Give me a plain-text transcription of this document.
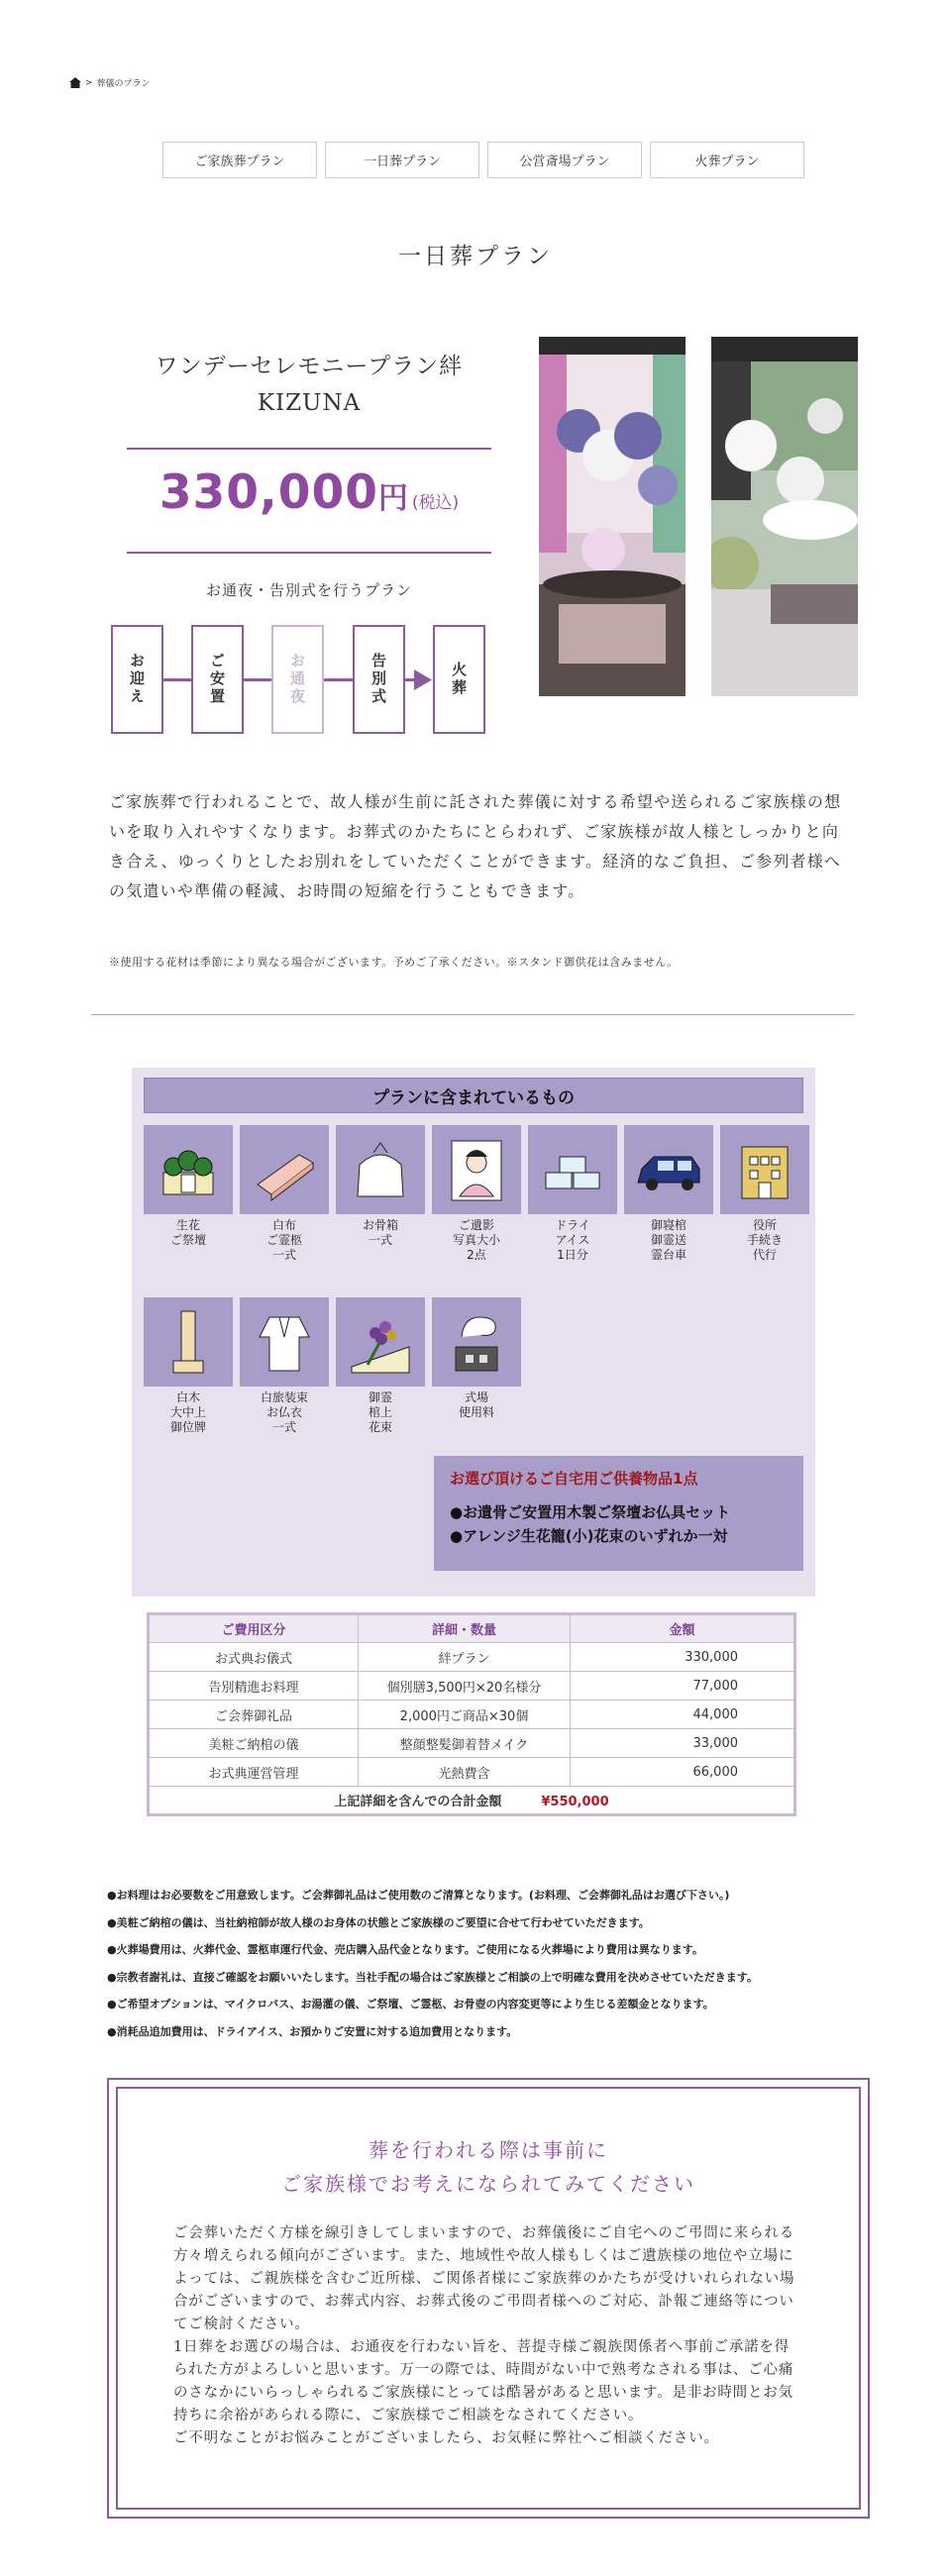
> 葬儀のプラン
ご家族葬プラン	一日葬プラン	公営斎場プラン	火葬プラン
一日葬プラン
ワンデーセレモニープラン絆
KIZUNA
330,000円 (税込)
お通夜・告別式を行うプラン
お迎え	ご安置	お通夜	告別式	火葬
ご家族葬で行われることで、故人様が生前に託された葬儀に対する希望や送られるご家族様の想いを取り入れやすくなります。お葬式のかたちにとらわれず、ご家族様が故人様としっかりと向き合え、ゆっくりとしたお別れをしていただくことができます。経済的なご負担、ご参列者様への気遣いや準備の軽減、お時間の短縮を行うこともできます。
※使用する花材は季節により異なる場合がございます。予めご了承ください。※スタンド御供花は含みません。
プランに含まれているもの
生花
ご祭壇
白布
ご霊柩
一式
お骨箱
一式
ご遺影
写真大小
2点
ドライ
アイス
1日分
御寝棺
御霊送
霊台車
役所
手続き
代行
白木
大中上
御位牌
白旅装束
お仏衣
一式
御霊
棺上
花束
式場
使用料
お選び頂けるご自宅用ご供養物品1点
●お遺骨ご安置用木製ご祭壇お仏具セット
●アレンジ生花籠(小)花束のいずれか一対
ご費用区分	詳細・数量	金額
お式典お儀式	絆プラン	330,000
告別精進お料理	個別膳3,500円×20名様分	77,000
ご会葬御礼品	2,000円ご商品×30個	44,000
美粧ご納棺の儀	整顔整髪御着替メイク	33,000
お式典運営管理	光熱費含	66,000
上記詳細を含んでの合計金額 ¥550,000		
●お料理はお必要数をご用意致します。ご会葬御礼品はご使用数のご清算となります。(お料理、ご会葬御礼品はお選び下さい。)
●美粧ご納棺の儀は、当社納棺師が故人様のお身体の状態とご家族様のご要望に合せて行わせていただきます。
●火葬場費用は、火葬代金、霊柩車運行代金、売店購入品代金となります。ご使用になる火葬場により費用は異なります。
●宗教者謝礼は、直接ご確認をお願いいたします。当社手配の場合はご家族様とご相談の上で明確な費用を決めさせていただきます。
●ご希望オプションは、マイクロバス、お湯灌の儀、ご祭壇、ご霊柩、お骨壺の内容変更等により生じる差額金となります。
●消耗品追加費用は、ドライアイス、お預かりご安置に対する追加費用となります。
葬を行われる際は事前に
ご家族様でお考えになられてみてください
ご会葬いただく方様を線引きしてしまいますので、お葬儀後にご自宅へのご弔問に来られる方々増えられる傾向がございます。また、地域性や故人様もしくはご遺族様の地位や立場によっては、ご親族様を含むご近所様、ご関係者様にご家族葬のかたちが受けいれられない場合がございますので、お葬式内容、お葬式後のご弔問者様へのご対応、訃報ご連絡等についてご検討ください。
1日葬をお選びの場合は、お通夜を行わない旨を、菩提寺様ご親族関係者へ事前ご承諾を得られた方がよろしいと思います。万一の際では、時間がない中で熟考なされる事は、ご心痛のさなかにいらっしゃられるご家族様にとっては酷暑があると思います。是非お時間とお気持ちに余裕があられる際に、ご家族様でご相談をなされてください。
ご不明なことがお悩みことがございましたら、お気軽に弊社へご相談ください。
